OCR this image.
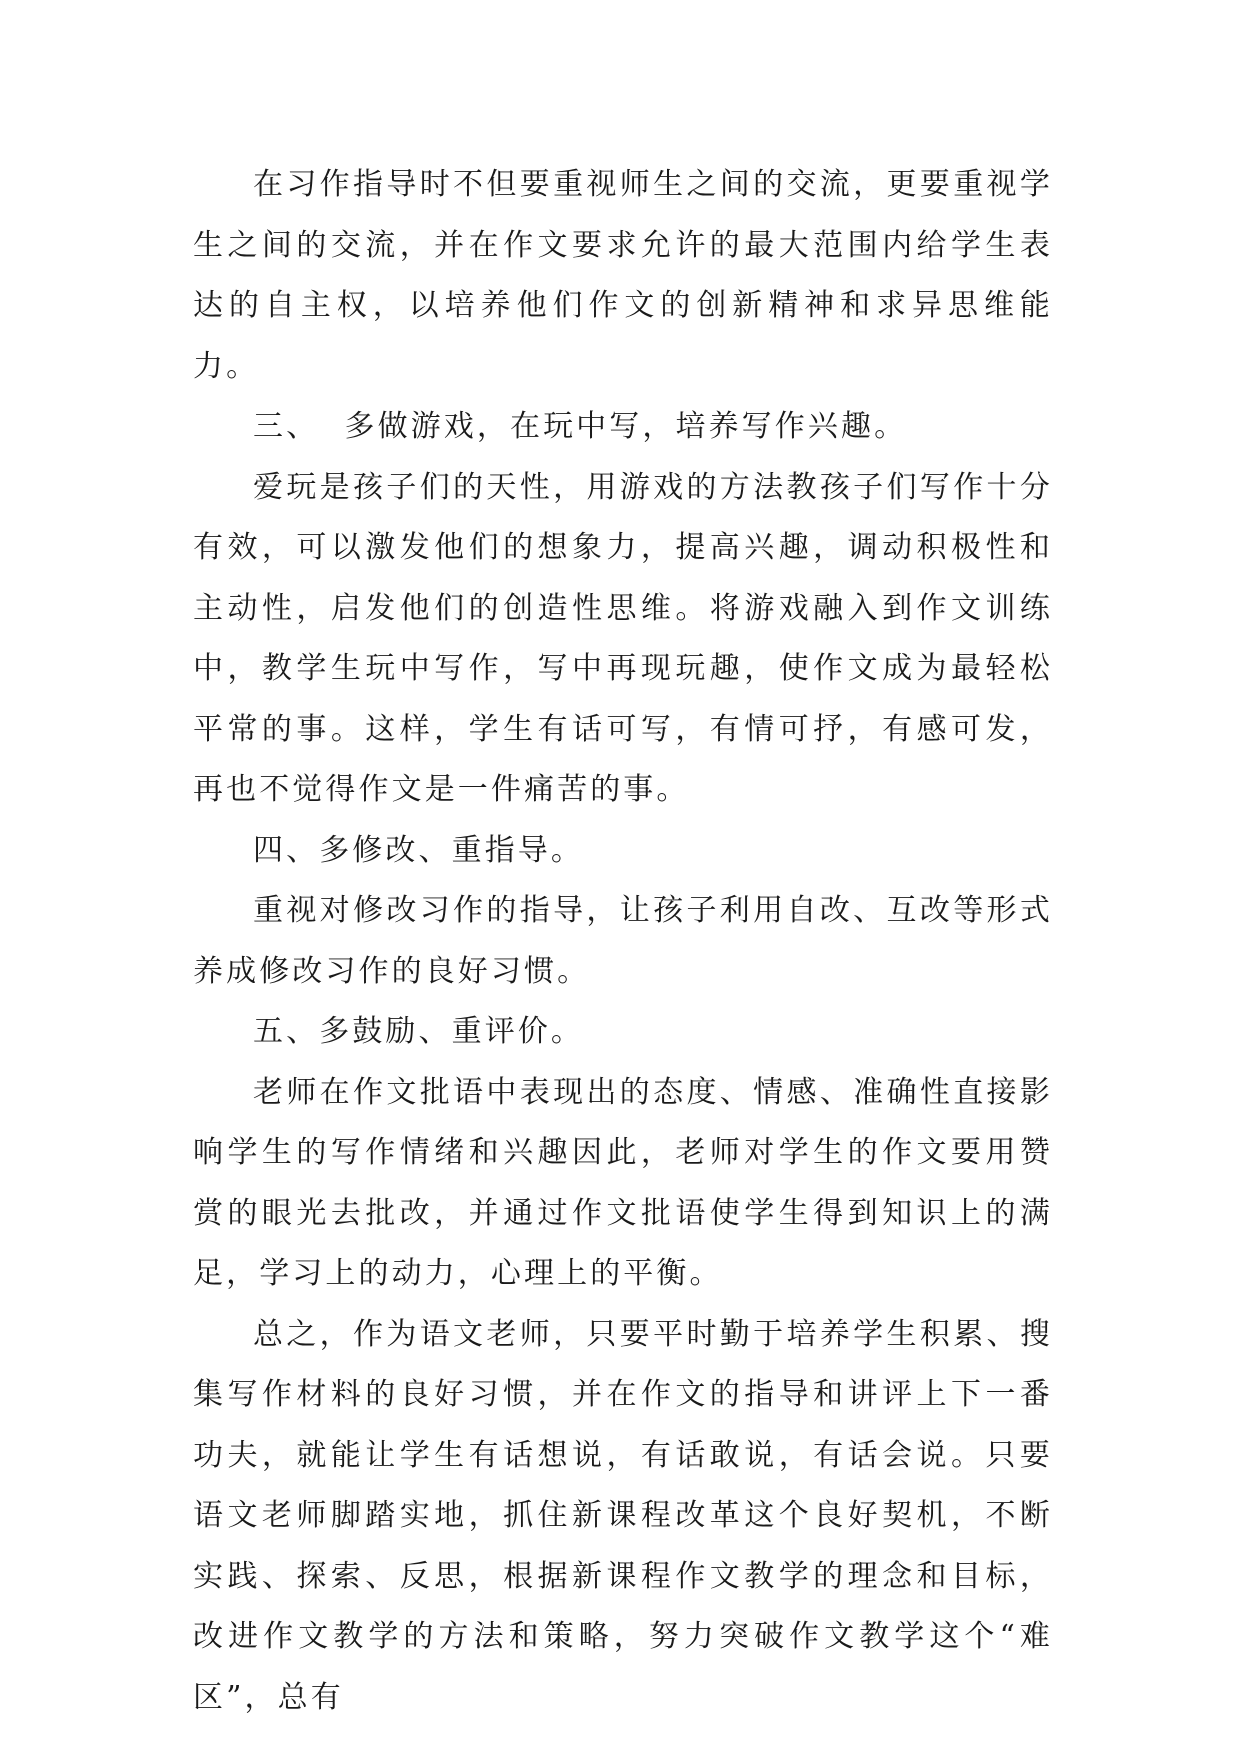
在习作指导时不但要重视师生之间的交流，更要重视学生之间的交流，并在作文要求允许的最大范围内给学生表达的自主权，以培养他们作文的创新精神和求异思维能力。

三、  多做游戏，在玩中写，培养写作兴趣。

爱玩是孩子们的天性，用游戏的方法教孩子们写作十分有效，可以激发他们的想象力，提高兴趣，调动积极性和主动性，启发他们的创造性思维。将游戏融入到作文训练中，教学生玩中写作，写中再现玩趣，使作文成为最轻松平常的事。这样，学生有话可写，有情可抒，有感可发，再也不觉得作文是一件痛苦的事。

四、多修改、重指导。

重视对修改习作的指导，让孩子利用自改、互改等形式养成修改习作的良好习惯。

五、多鼓励、重评价。

老师在作文批语中表现出的态度、情感、准确性直接影响学生的写作情绪和兴趣因此，老师对学生的作文要用赞赏的眼光去批改，并通过作文批语使学生得到知识上的满足，学习上的动力，心理上的平衡。

总之，作为语文老师，只要平时勤于培养学生积累、搜集写作材料的良好习惯，并在作文的指导和讲评上下一番功夫，就能让学生有话想说，有话敢说，有话会说。只要语文老师脚踏实地，抓住新课程改革这个良好契机，不断实践、探索、反思，根据新课程作文教学的理念和目标，改进作文教学的方法和策略，努力突破作文教学这个“难区”，总有
